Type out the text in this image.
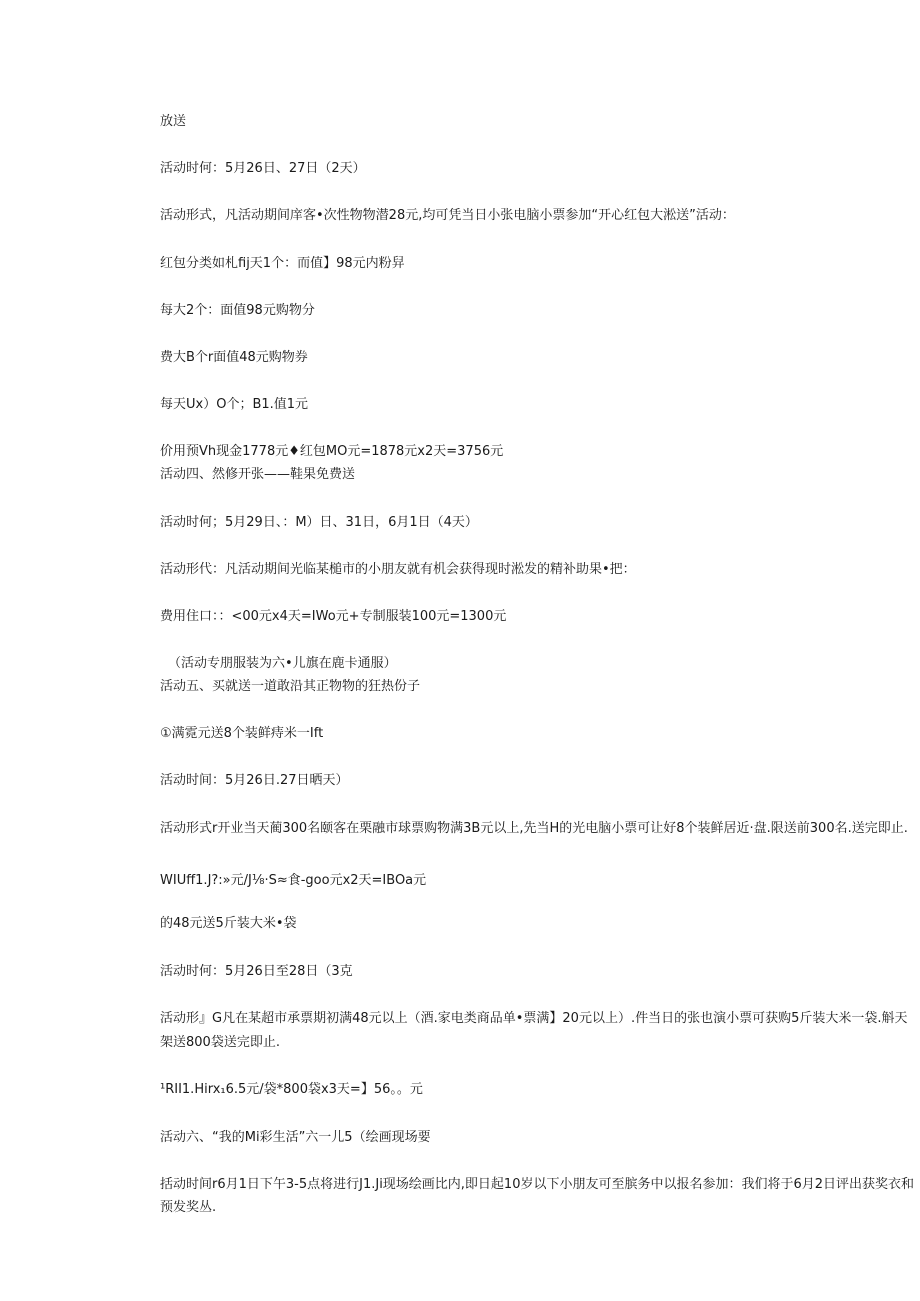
放送
活动时何：5月26日、27日（2天）
活动形式，凡活动期间庠客•次性物物潜28元,均可凭当日小张电脑小票参加“开心红包大淞送”活动：
红包分类如札fij天1个：而值】98元内粉舁
每大2个：面值98元购物分
费大B个r面值48元购物券
每天Ux）O个；B1.值1元
价用预Vh现金1778元♦红包MO元=1878元x2天=3756元
活动四、然修开张——鞋果免费送
活动时何；5月29日、：M）日、31日，6月1日（4天）
活动形代：凡活动期间光临某槌市的小朋友就有机会获得现时淞发的精补助果•把：
费用住口：：<00元x4天=IWo元+专制服装100元=1300元
（活动专朋服装为六•儿旗在鹿卡通服）
活动五、买就送一道敢沿其正物物的狂热份子
①满霓元送8个装鲜痔米一Ift
活动时间：5月26日.27日晒天）
活动形式r开业当天蔺300名颐客在栗融市球票购物满3B元以上,先当H的光电脑小票可让好8个装鲜居近·盘.限送前300名.送完即止.
WIUff1.J?:»元/J⅛·S≈食-goo元x2天=IBOa元
的48元送5斤装大米•袋
活动时何：5月26日至28日（3克
活动形』G凡在某超市承票期初满48元以上（酒.家电类商品单•票满】20元以上）.件当日的张也演小票可获购5斤装大米一袋.斛天
架送800袋送完即止.
¹RII1.Hirx₁6.5元/袋*800袋x3天=】56。。元
活动六、“我的Mi彩生活”六一儿5（绘画现场要
括动时间r6月1日下午3-5点将进行J1.Ji现场绘画比内,即日起10岁以下小朋友可至膑务中以报名参加：我们将于6月2日评出获奖衣和
预发奖丛.
